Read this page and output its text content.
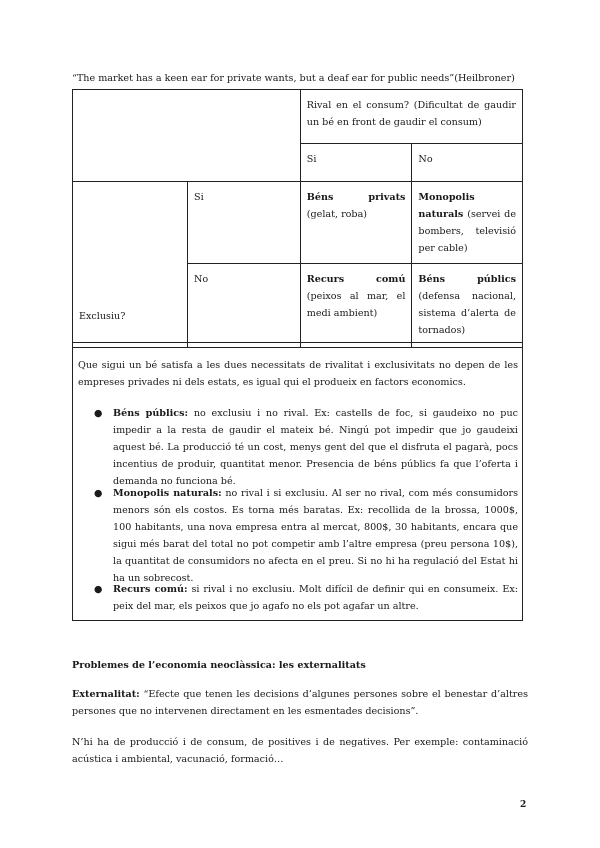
“The market has a keen ear for private wants, but a deaf ear for public needs”(Heilbroner)
		Rival en el consum? (Dificultat de gaudir un bé en front de gaudir el consum)	
		Si	No
Exclusiu?	Si	Béns privats (gelat, roba)	Monopolis naturals (servei de bombers, televisió per cable)
	No	Recurs comú (peixos al mar, el medi ambient)	Béns públics (defensa nacional, sistema d’alerta de tornados)
Que sigui un bé satisfa a les dues necessitats de rivalitat i exclusivitats no depen de les empreses privades ni dels estats, es igual qui el produeix en factors economics.
● Béns públics: no exclusiu i no rival. Ex: castells de foc, si gaudeixo no puc impedir a la resta de gaudir el mateix bé. Ningú pot impedir que jo gaudeixi aquest bé. La producció té un cost, menys gent del que el disfruta el pagarà, pocs incentius de produir, quantitat menor. Presencia de béns públics fa que l’oferta i demanda no funciona bé.
● Monopolis naturals: no rival i si exclusiu. Al ser no rival, com més consumidors menors són els costos. Es torna més baratas. Ex: recollida de la brossa, 1000$, 100 habitants, una nova empresa entra al mercat, 800$, 30 habitants, encara que sigui més barat del total no pot competir amb l’altre empresa (preu persona 10$), la quantitat de consumidors no afecta en el preu. Si no hi ha regulació del Estat hi ha un sobrecost.
● Recurs comú: si rival i no exclusiu. Molt difícil de definir qui en consumeix. Ex: peix del mar, els peixos que jo agafo no els pot agafar un altre.
Problemes de l’economia neoclàssica: les externalitats
Externalitat: “Efecte que tenen les decisions d’algunes persones sobre el benestar d’altres persones que no intervenen directament en les esmentades decisions”.
N’hi ha de producció i de consum, de positives i de negatives. Per exemple: contaminació acústica i ambiental, vacunació, formació…
2
